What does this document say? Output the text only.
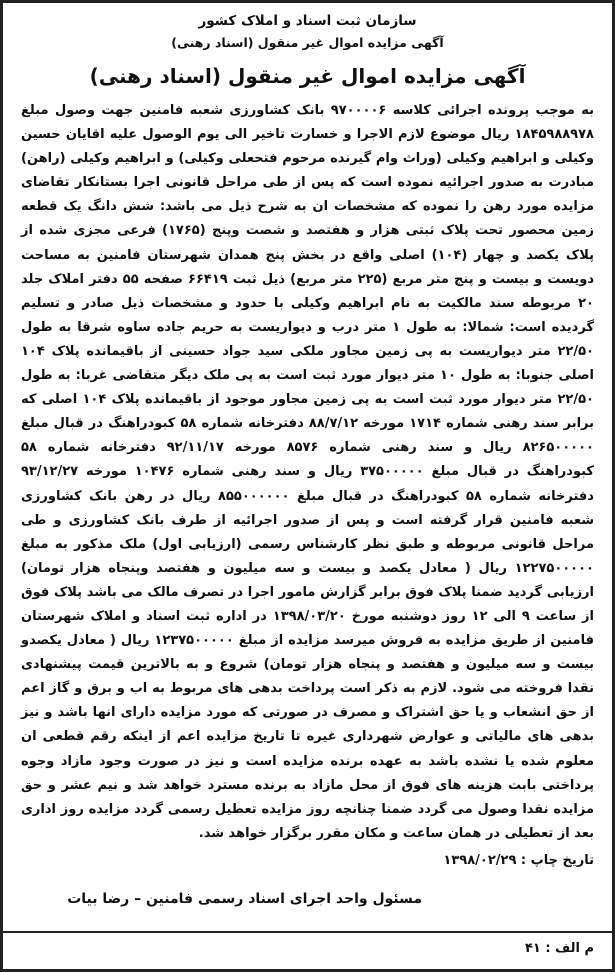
سازمان ثبت اسناد و املاک کشور
آگهی مزایده اموال غیر منقول (اسناد رهنی)
آگهی مزایده اموال غیر منقول (اسناد رهنی)
به موجب پرونده اجرائی کلاسه ۹۷۰۰۰۰۶ بانک کشاورزی شعبه فامنین جهت وصول مبلغ ۱۸۴۵۹۸۸۹۷۸ ریال موضوع لازم الاجرا و خسارت تاخیر الی یوم الوصول علیه اقایان حسین وکیلی و ابراهیم وکیلی (وراث وام گیرنده مرحوم فتحعلی وکیلی) و ابراهیم وکیلی (راهن) مبادرت به صدور اجرائیه نموده است که پس از طی مراحل قانونی اجرا بستانکار تقاضای مزایده مورد رهن را نموده که مشخصات ان به شرح ذیل می باشد: شش دانگ یک قطعه زمین محصور تحت پلاک ثبتی هزار و هفتصد و شصت وپنج (۱۷۶۵) فرعی مجزی شده از پلاک یکصد و چهار (۱۰۴) اصلی واقع در بخش پنج همدان شهرستان فامنین به مساحت دویست و بیست و پنج متر مربع (۲۲۵ متر مربع) ذیل ثبت ۶۶۴۱۹ صفحه ۵۵ دفتر املاک جلد ۲۰ مربوطه سند مالکیت به نام ابراهیم وکیلی با حدود و مشخصات ذیل صادر و تسلیم گردیده است: شمالا: به طول ۱ متر درب و دیواریست به حریم جاده ساوه شرقا به طول ۲۲/۵۰ متر دیواریست به پی زمین مجاور ملکی سید جواد حسینی از باقیمانده پلاک ۱۰۴ اصلی جنوبا: به طول ۱۰ متر دیوار مورد ثبت است به پی ملک دیگر متقاضی غربا: به طول ۲۲/۵۰ متر دیوار مورد ثبت است به پی زمین مجاور موجود از باقیمانده پلاک ۱۰۴ اصلی که برابر سند رهنی شماره ۱۷۱۴ مورخه ۸۸/۷/۱۲ دفترخانه شماره ۵۸ کبودراهنگ در قبال مبلغ ۸۲۶۵۰۰۰۰۰ ریال و سند رهنی شماره ۸۵۷۶ مورخه ۹۲/۱۱/۱۷ دفترخانه شماره ۵۸ کبودراهنگ در قبال مبلغ ۳۷۵۰۰۰۰۰ ریال و سند رهنی شماره ۱۰۴۷۶ مورخه ۹۳/۱۲/۲۷ دفترخانه شماره ۵۸ کبودراهنگ در قبال مبلغ ۸۵۵۰۰۰۰۰۰ ریال در رهن بانک کشاورزی شعبه فامنین قرار گرفته است و پس از صدور اجرائیه از طرف بانک کشاورزی و طی مراحل قانونی مربوطه و طبق نظر کارشناس رسمی (ارزیابی اول) ملک مذکور به مبلغ ۱۲۲۷۵۰۰۰۰۰ ریال ( معادل یکصد و بیست و سه میلیون و هفتصد وپنجاه هزار تومان) ارزیابی گردید ضمنا پلاک فوق برابر گزارش مامور اجرا در تصرف مالک می باشد پلاک فوق از ساعت ۹ الی ۱۲ روز دوشنبه مورخ ۱۳۹۸/۰۳/۲۰ در اداره ثبت اسناد و املاک شهرستان فامنین از طریق مزایده به فروش میرسد مزایده از مبلغ ۱۲۳۷۵۰۰۰۰۰ ریال ( معادل یکصدو بیست و سه میلیون و هفتصد و پنجاه هزار تومان) شروع و به بالاترین قیمت پیشنهادی نقدا فروخته می شود. لازم به ذکر است پرداخت بدهی های مربوط به اب و برق و گاز اعم از حق انشعاب و یا حق اشتراک و مصرف در صورتی که مورد مزایده دارای انها باشد و نیز بدهی های مالیاتی و عوارض شهرداری غیره تا تاریخ مزایده اعم از اینکه رقم قطعی ان معلوم شده یا نشده باشد به عهده برنده مزایده است و نیز در صورت وجود مازاد وجوه پرداختی بابت هزینه های فوق از محل مازاد به برنده مسترد خواهد شد و نیم عشر و حق مزایده نقدا وصول می گردد ضمنا چنانچه روز مزایده تعطیل رسمی گردد مزایده روز اداری بعد از تعطیلی در همان ساعت و مکان مقرر برگزار خواهد شد.
تاریخ چاپ : ۱۳۹۸/۰۲/۲۹
مسئول واحد اجرای اسناد رسمی فامنین – رضا بیات
م الف : ۴۱
